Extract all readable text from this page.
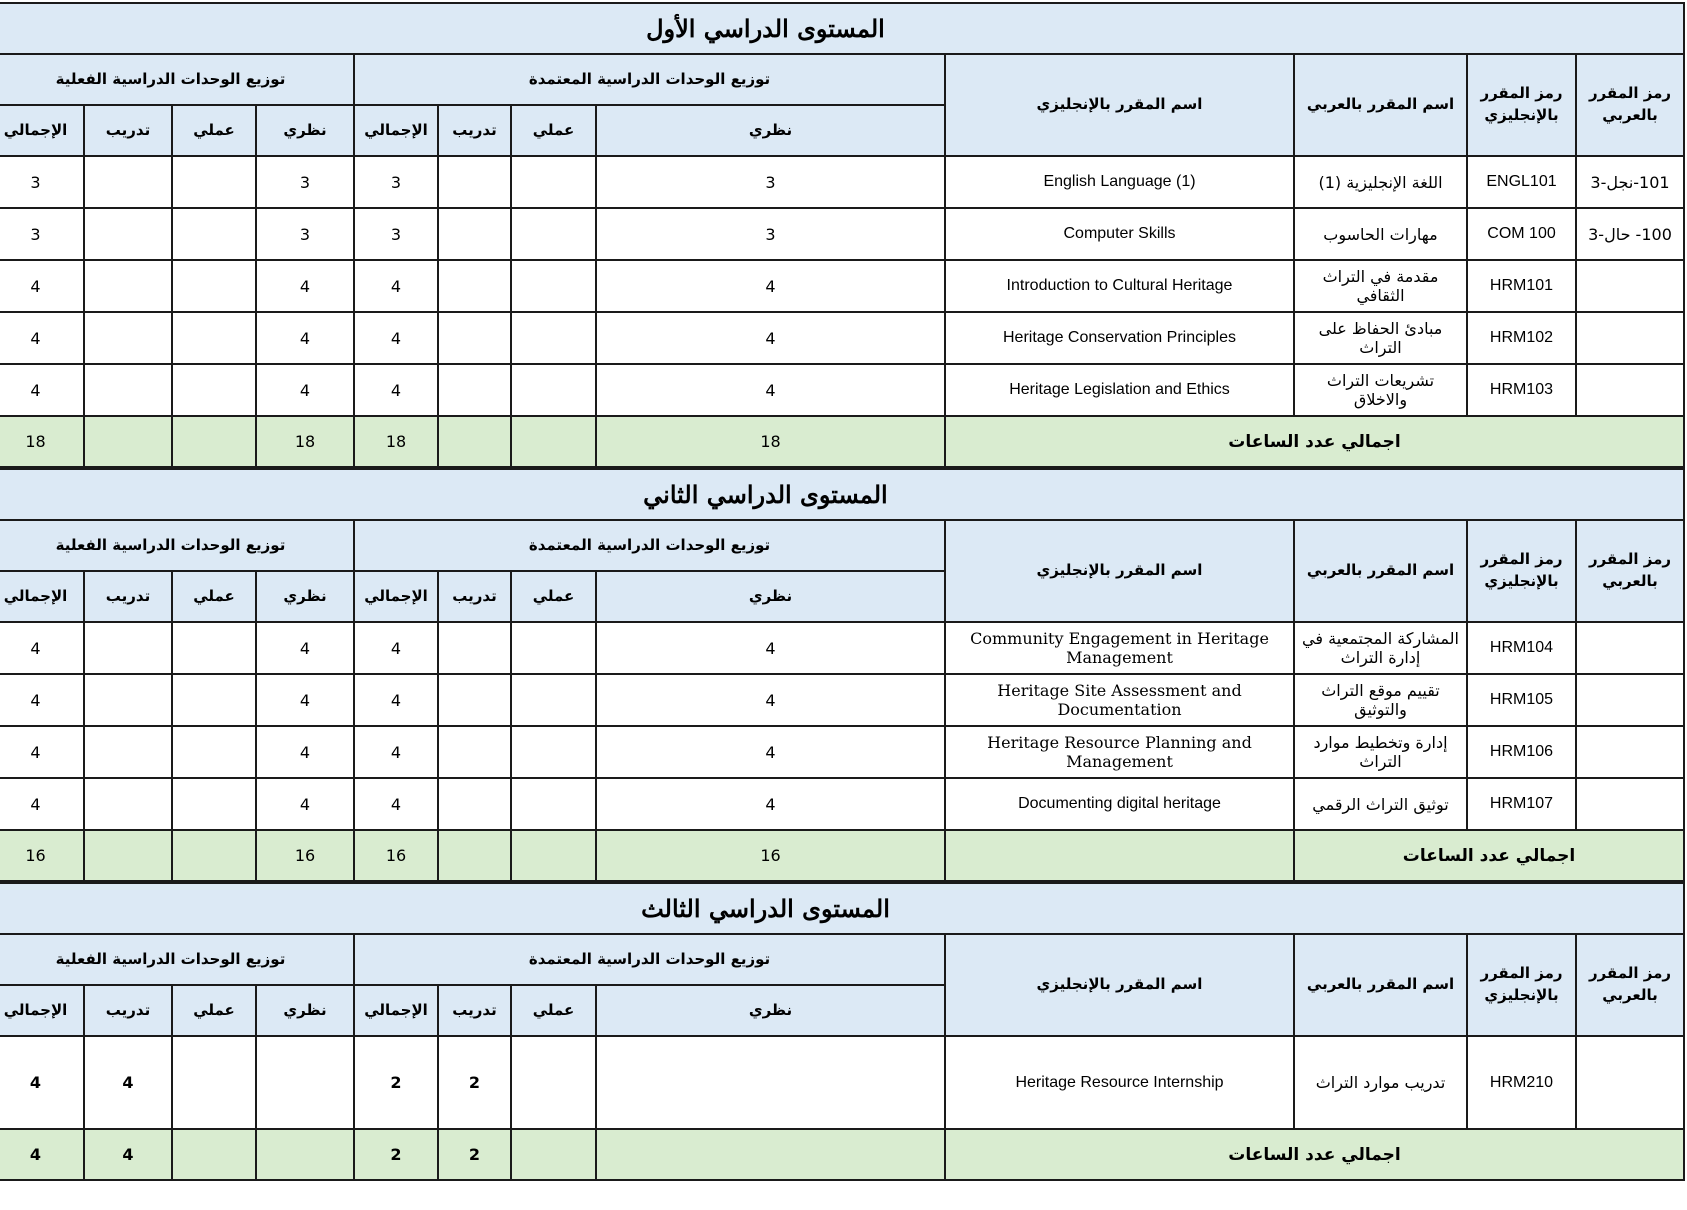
المستوى الدراسي الأول												
رمز المقرر بالعربي	رمز المقرر بالإنجليزي	اسم المقرر بالعربي	اسم المقرر بالإنجليزي	توزيع الوحدات الدراسية المعتمدة				توزيع الوحدات الدراسية الفعلية	
				نظري	عملي	تدريب	الإجمالي	نظري	عملي	تدريب	الإجمالي	
101-نجل-3	ENGL101	اللغة الإنجليزية (1)	English Language (1)	3			3	3			3	
100- حال-3	COM 100	مهارات الحاسوب	Computer Skills	3			3	3			3	
	HRM101	مقدمة في التراث الثقافي	Introduction to Cultural Heritage	4			4	4			4	
	HRM102	مبادئ الحفاظ على التراث	Heritage Conservation Principles	4			4	4			4	
	HRM103	تشريعات التراث والاخلاق	Heritage Legislation and Ethics	4			4	4			4	
اجمالي عدد الساعات				18			18	18			18	
المستوى الدراسي الثاني												
رمز المقرر بالعربي	رمز المقرر بالإنجليزي	اسم المقرر بالعربي	اسم المقرر بالإنجليزي	توزيع الوحدات الدراسية المعتمدة				توزيع الوحدات الدراسية الفعلية	
				نظري	عملي	تدريب	الإجمالي	نظري	عملي	تدريب	الإجمالي	
	HRM104	المشاركة المجتمعية في إدارة التراث	Community Engagement in Heritage Management	4			4	4			4	
	HRM105	تقييم موقع التراث والتوثيق	Heritage Site Assessment and Documentation	4			4	4			4	
	HRM106	إدارة وتخطيط موارد التراث	Heritage Resource Planning and Management	4			4	4			4	
	HRM107	توثيق التراث الرقمي	Documenting digital heritage	4			4	4			4	
اجمالي عدد الساعات				16			16	16			16	
المستوى الدراسي الثالث												
رمز المقرر بالعربي	رمز المقرر بالإنجليزي	اسم المقرر بالعربي	اسم المقرر بالإنجليزي	توزيع الوحدات الدراسية المعتمدة				توزيع الوحدات الدراسية الفعلية	
				نظري	عملي	تدريب	الإجمالي	نظري	عملي	تدريب	الإجمالي	
	HRM210	تدريب موارد التراث	Heritage Resource Internship			2	2			4	4	
اجمالي عدد الساعات						2	2			4	4	
